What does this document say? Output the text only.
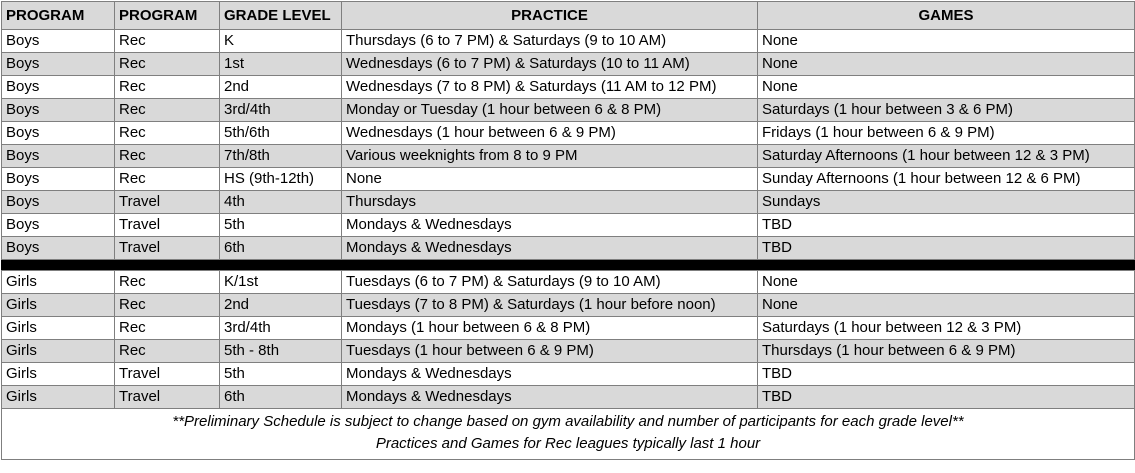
PROGRAM	PROGRAM	GRADE LEVEL	PRACTICE	GAMES
Boys	Rec	K	Thursdays (6 to 7 PM) & Saturdays (9 to 10 AM)	None
Boys	Rec	1st	Wednesdays (6 to 7 PM) & Saturdays (10 to 11 AM)	None
Boys	Rec	2nd	Wednesdays (7 to 8 PM) & Saturdays (11 AM to 12 PM)	None
Boys	Rec	3rd/4th	Monday or Tuesday (1 hour between 6 & 8 PM)	Saturdays (1 hour between 3 & 6 PM)
Boys	Rec	5th/6th	Wednesdays (1 hour between 6 & 9 PM)	Fridays (1 hour between 6 & 9 PM)
Boys	Rec	7th/8th	Various weeknights from 8 to 9 PM	Saturday Afternoons (1 hour between 12 & 3 PM)
Boys	Rec	HS (9th-12th)	None	Sunday Afternoons (1 hour between 12 & 6 PM)
Boys	Travel	4th	Thursdays	Sundays
Boys	Travel	5th	Mondays & Wednesdays	TBD
Boys	Travel	6th	Mondays & Wednesdays	TBD

Girls	Rec	K/1st	Tuesdays (6 to 7 PM) & Saturdays (9 to 10 AM)	None
Girls	Rec	2nd	Tuesdays (7 to 8 PM) & Saturdays (1 hour before noon)	None
Girls	Rec	3rd/4th	Mondays (1 hour between 6 & 8 PM)	Saturdays (1 hour between 12 & 3 PM)
Girls	Rec	5th - 8th	Tuesdays (1 hour between 6 & 9 PM)	Thursdays (1 hour between 6 & 9 PM)
Girls	Travel	5th	Mondays & Wednesdays	TBD
Girls	Travel	6th	Mondays & Wednesdays	TBD

**Preliminary Schedule is subject to change based on gym availability and number of participants for each grade level**
Practices and Games for Rec leagues typically last 1 hour				
